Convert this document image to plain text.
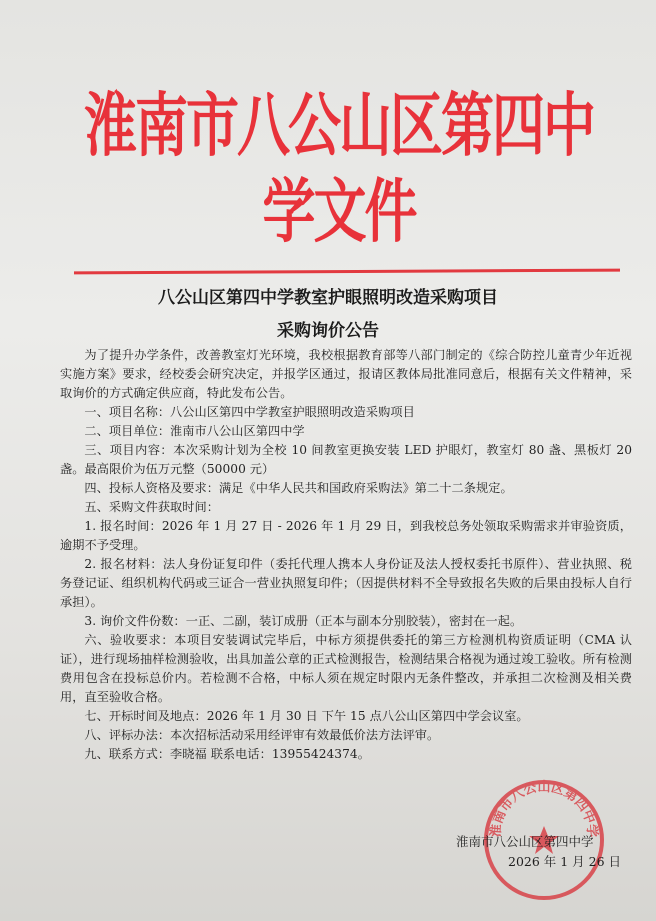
淮南市八公山区第四中学文件
八公山区第四中学教室护眼照明改造采购项目
采购询价公告

为了提升办学条件，改善教室灯光环境，我校根据教育部等八部门制定的《综合防控儿童青少年近视实施方案》要求，经校委会研究决定，并报学区通过，报请区教体局批准同意后，根据有关文件精神，采取询价的方式确定供应商，特此发布公告。

一、项目名称：八公山区第四中学教室护眼照明改造采购项目

二、项目单位：淮南市八公山区第四中学

三、项目内容：本次采购计划为全校 10 间教室更换安装 LED 护眼灯，教室灯 80 盏、黑板灯 20 盏。最高限价为伍万元整（50000 元）

四、投标人资格及要求：满足《中华人民共和国政府采购法》第二十二条规定。

五、采购文件获取时间：

1. 报名时间：2026 年 1 月 27 日 - 2026 年 1 月 29 日，到我校总务处领取采购需求并审验资质，逾期不予受理。

2. 报名材料：法人身份证复印件（委托代理人携本人身份证及法人授权委托书原件）、营业执照、税务登记证、组织机构代码或三证合一营业执照复印件；（因提供材料不全导致报名失败的后果由投标人自行承担）。

3. 询价文件份数：一正、二副，装订成册（正本与副本分别胶装），密封在一起。

六、验收要求：本项目安装调试完毕后，中标方须提供委托的第三方检测机构资质证明（CMA 认证），进行现场抽样检测验收，出具加盖公章的正式检测报告，检测结果合格视为通过竣工验收。所有检测费用包含在投标总价内。若检测不合格，中标人须在规定时限内无条件整改，并承担二次检测及相关费用，直至验收合格。

七、开标时间及地点：2026 年 1 月 30 日 下午 15 点八公山区第四中学会议室。

八、评标办法：本次招标活动采用经评审有效最低价法方法评审。

九、联系方式：李晓福 联系电话：13955424374。

淮南市八公山区第四中学
淮南市八公山区第四中学
2026 年 1 月 26 日
